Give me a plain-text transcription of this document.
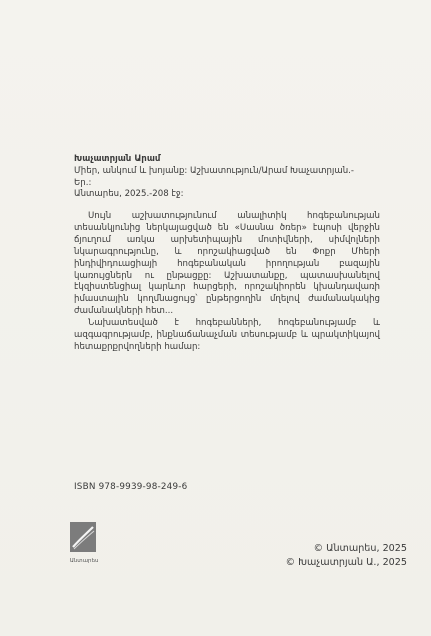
Խաչատրյան Արամ
Միեր, անկում և խոյանք: Աշխատություն/Արամ Խաչատրյան.- Եր.:
Անտարես, 2025.-208 էջ:

Սույն աշխատությունում անալիտիկ հոգեբանության տեսանկյունից ներկայացված են «Սասնա ծռեր» էպոսի վերջին ճյուղում առկա արխետիպային մոտիվների, սիմվոլների նկարագրությունը, և որոշակիացված են Փոքր Մհերի ինդիվիդուացիայի հոգեբանական իրողության բազային կառույցներն ու ընթացքը: Աշխատանքը, պատասխանելով էկզիստենցիալ կարևոր հարցերի, որոշակիորեն կխանդավառի իմաստային կողմնացույց՝ ընթերցողին մղելով ժամանակակից ժամանակների հետ...

Նախատեսված է հոգեբանների, հոգեբանությամբ և ազգագրությամբ, ինքնաճանաչման տեսությամբ և պրակտիկայով հետաքրքրվողների համար:

ISBN 978-9939-98-249-6
Անտարես
© Անտարես, 2025
© Խաչատրյան Ա., 2025
